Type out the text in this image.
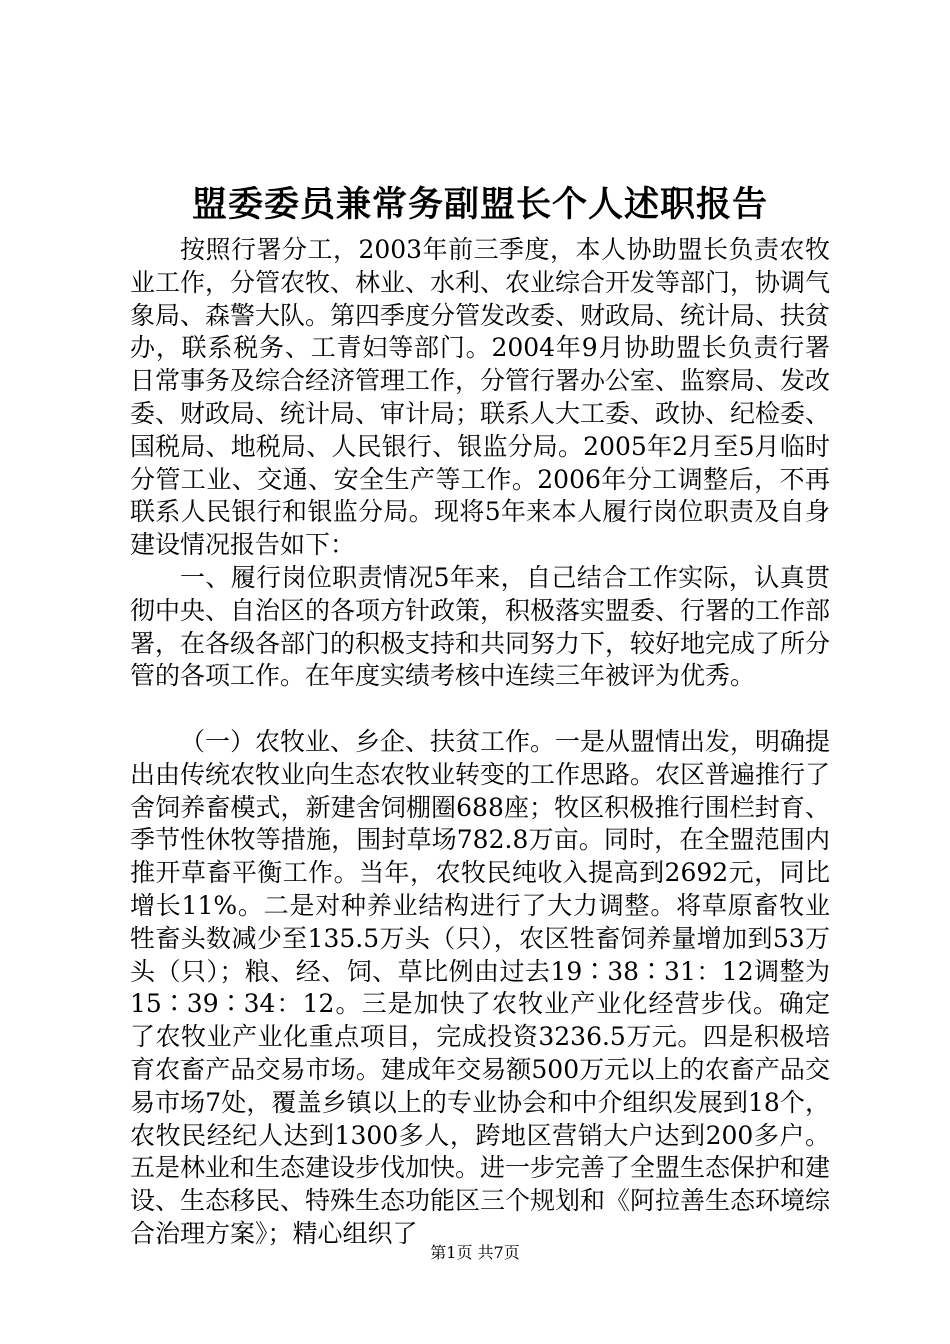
盟委委员兼常务副盟长个人述职报告

按照行署分工，2003年前三季度，本人协助盟长负责农牧业工作，分管农牧、林业、水利、农业综合开发等部门，协调气象局、森警大队。第四季度分管发改委、财政局、统计局、扶贫办，联系税务、工青妇等部门。2004年9月协助盟长负责行署日常事务及综合经济管理工作，分管行署办公室、监察局、发改委、财政局、统计局、审计局；联系人大工委、政协、纪检委、国税局、地税局、人民银行、银监分局。2005年2月至5月临时分管工业、交通、安全生产等工作。2006年分工调整后，不再联系人民银行和银监分局。现将5年来本人履行岗位职责及自身建设情况报告如下：

一、履行岗位职责情况5年来，自己结合工作实际，认真贯彻中央、自治区的各项方针政策，积极落实盟委、行署的工作部署，在各级各部门的积极支持和共同努力下，较好地完成了所分管的各项工作。在年度实绩考核中连续三年被评为优秀。

（一）农牧业、乡企、扶贫工作。一是从盟情出发，明确提出由传统农牧业向生态农牧业转变的工作思路。农区普遍推行了舍饲养畜模式，新建舍饲棚圈688座；牧区积极推行围栏封育、季节性休牧等措施，围封草场782.8万亩。同时，在全盟范围内推开草畜平衡工作。当年，农牧民纯收入提高到2692元，同比增长11%。二是对种养业结构进行了大力调整。将草原畜牧业牲畜头数减少至135.5万头（只），农区牲畜饲养量增加到53万头（只）；粮、经、饲、草比例由过去19∶38∶31：12调整为15∶39∶34：12。三是加快了农牧业产业化经营步伐。确定了农牧业产业化重点项目，完成投资3236.5万元。四是积极培育农畜产品交易市场。建成年交易额500万元以上的农畜产品交易市场7处，覆盖乡镇以上的专业协会和中介组织发展到18个，农牧民经纪人达到1300多人，跨地区营销大户达到200多户。五是林业和生态建设步伐加快。进一步完善了全盟生态保护和建设、生态移民、特殊生态功能区三个规划和《阿拉善生态环境综合治理方案》；精心组织了

第1页 共7页
